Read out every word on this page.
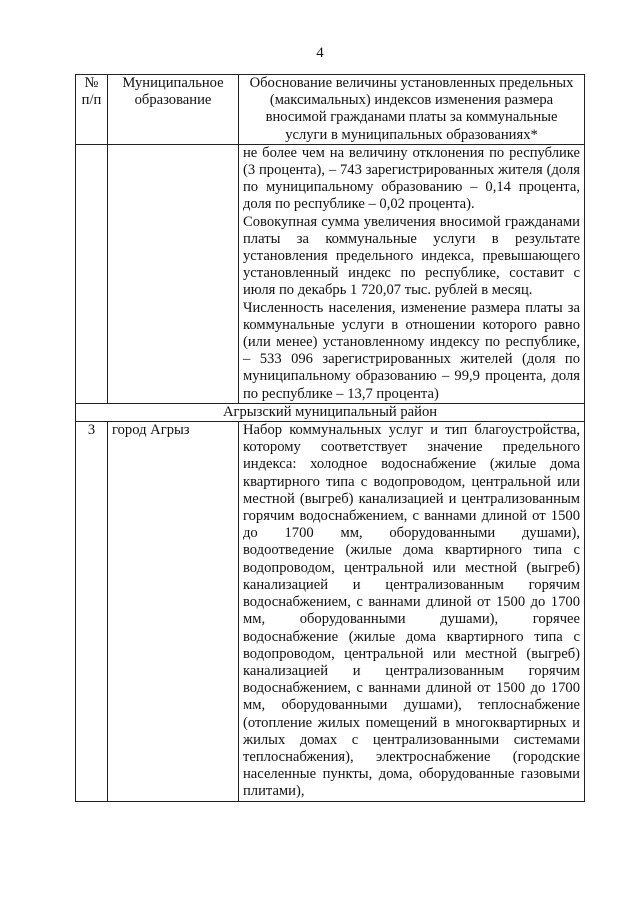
4
№ п/п	Муниципальное образование	Обоснование величины установленных предельных (максимальных) индексов изменения размера вносимой гражданами платы за коммунальные услуги в муниципальных образованиях*

		не более чем на величину отклонения по республике (3 процента), – 743 зарегистрированных жителя (доля по муниципальному образованию – 0,14 процента, доля по республике – 0,02 процента).
Совокупная сумма увеличения вносимой гражданами платы за коммунальные услуги в результате установления предельного индекса, превышающего установленный индекс по республике, составит с июля по декабрь 1 720,07 тыс. рублей в месяц.
Численность населения, изменение размера платы за коммунальные услуги в отношении которого равно (или менее) установленному индексу по республике, – 533 096 зарегистрированных жителей (доля по муниципальному образованию – 99,9 процента, доля по республике – 13,7 процента)

Агрызский муниципальный район		
3	город Агрыз	Набор коммунальных услуг и тип благоустройства, которому соответствует значение предельного индекса: холодное водоснабжение (жилые дома квартирного типа с водопроводом, центральной или местной (выгреб) канализацией и централизованным горячим водоснабжением, с ваннами длиной от 1500 до 1700 мм, оборудованными душами), водоотведение (жилые дома квартирного типа с водопроводом, центральной или местной (выгреб) канализацией и централизованным горячим водоснабжением, с ваннами длиной от 1500 до 1700 мм, оборудованными душами), горячее водоснабжение (жилые дома квартирного типа с водопроводом, центральной или местной (выгреб) канализацией и централизованным горячим водоснабжением, с ваннами длиной от 1500 до 1700 мм, оборудованными душами), теплоснабжение (отопление жилых помещений в многоквартирных и жилых домах с централизованными системами теплоснабжения), электроснабжение (городские населенные пункты, дома, оборудованные газовыми плитами),
